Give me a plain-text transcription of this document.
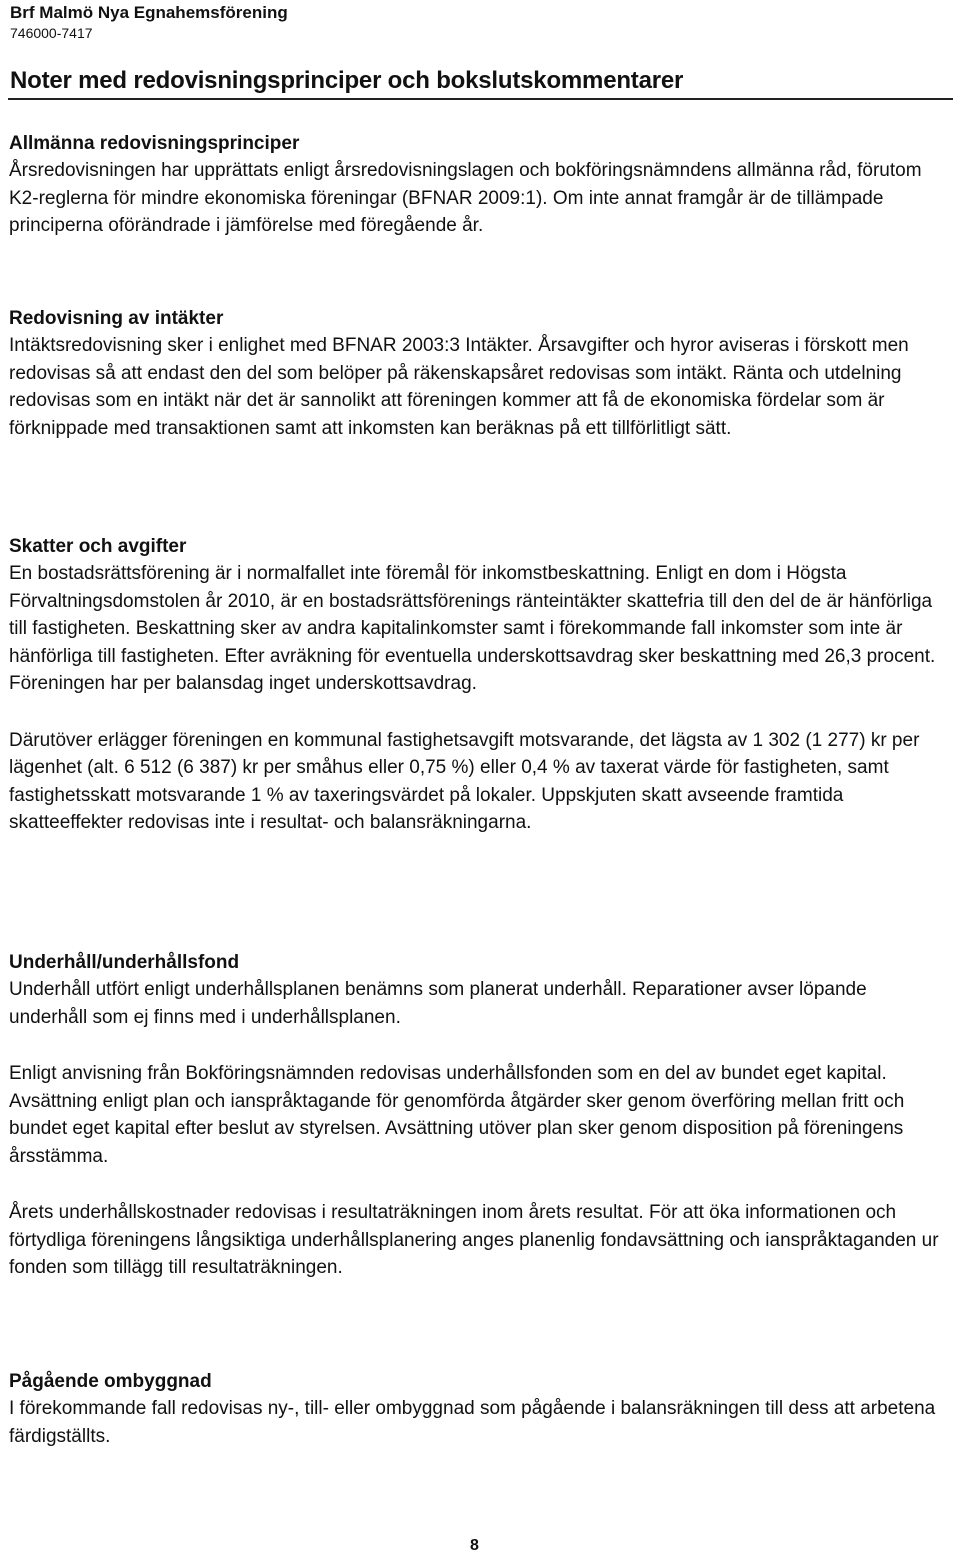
Brf Malmö Nya Egnahemsförening
746000-7417
Noter med redovisningsprinciper och bokslutskommentarer
Allmänna redovisningsprinciper

Årsredovisningen har upprättats enligt årsredovisningslagen och bokföringsnämndens allmänna råd, förutom K2-reglerna för mindre ekonomiska föreningar (BFNAR 2009:1). Om inte annat framgår är de tillämpade principerna oförändrade i jämförelse med föregående år.

Redovisning av intäkter

Intäktsredovisning sker i enlighet med BFNAR 2003:3 Intäkter. Årsavgifter och hyror aviseras i förskott men redovisas så att endast den del som belöper på räkenskapsåret redovisas som intäkt. Ränta och utdelning redovisas som en intäkt när det är sannolikt att föreningen kommer att få de ekonomiska fördelar som är förknippade med transaktionen samt att inkomsten kan beräknas på ett tillförlitligt sätt.

Skatter och avgifter

En bostadsrättsförening är i normalfallet inte föremål för inkomstbeskattning. Enligt en dom i Högsta Förvaltningsdomstolen år 2010, är en bostadsrättsförenings ränteintäkter skattefria till den del de är hänförliga till fastigheten. Beskattning sker av andra kapitalinkomster samt i förekommande fall inkomster som inte är hänförliga till fastigheten. Efter avräkning för eventuella underskottsavdrag sker beskattning med 26,3 procent. Föreningen har per balansdag inget underskottsavdrag.

Därutöver erlägger föreningen en kommunal fastighetsavgift motsvarande, det lägsta av 1 302 (1 277) kr per lägenhet (alt. 6 512 (6 387) kr per småhus eller 0,75 %) eller 0,4 % av taxerat värde för fastigheten, samt fastighetsskatt motsvarande 1 % av taxeringsvärdet på lokaler. Uppskjuten skatt avseende framtida skatteeffekter redovisas inte i resultat- och balansräkningarna.

Underhåll/underhållsfond

Underhåll utfört enligt underhållsplanen benämns som planerat underhåll. Reparationer avser löpande underhåll som ej finns med i underhållsplanen.

Enligt anvisning från Bokföringsnämnden redovisas underhållsfonden som en del av bundet eget kapital. Avsättning enligt plan och ianspråktagande för genomförda åtgärder sker genom överföring mellan fritt och bundet eget kapital efter beslut av styrelsen. Avsättning utöver plan sker genom disposition på föreningens årsstämma.

Årets underhållskostnader redovisas i resultaträkningen inom årets resultat. För att öka informationen och förtydliga föreningens långsiktiga underhållsplanering anges planenlig fondavsättning och ianspråktaganden ur fonden som tillägg till resultaträkningen.

Pågående ombyggnad

I förekommande fall redovisas ny-, till- eller ombyggnad som pågående i balansräkningen till dess att arbetena färdigställts.

8
